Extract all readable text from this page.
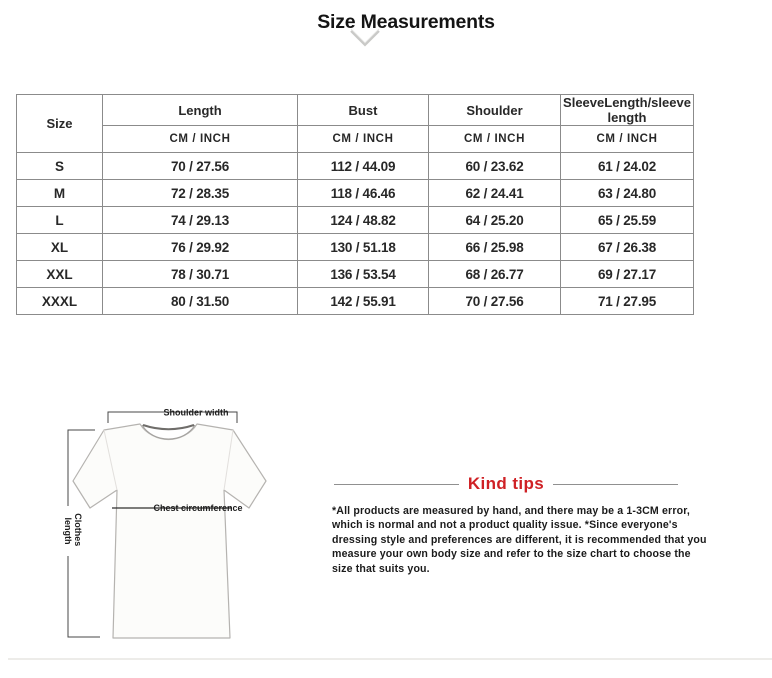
Size Measurements
Size	Length	Bust	Shoulder	SleeveLength/sleeve length
	CM / INCH	CM / INCH	CM / INCH	CM / INCH
S	70 / 27.56	112 / 44.09	60 / 23.62	61 / 24.02
M	72 / 28.35	118 / 46.46	62 / 24.41	63 / 24.80
L	74 / 29.13	124 / 48.82	64 / 25.20	65 / 25.59
XL	76 / 29.92	130 / 51.18	66 / 25.98	67 / 26.38
XXL	78 / 30.71	136 / 53.54	68 / 26.77	69 / 27.17
XXXL	80 / 31.50	142 / 55.91	70 / 27.56	71 / 27.95
Shoulder width
Chest circumference
Clothes length
Kind tips

*All products are measured by hand, and there may be a 1-3CM error, which is normal and not a product quality issue. *Since everyone's dressing style and preferences are different, it is recommended that you measure your own body size and refer to the size chart to choose the size that suits you.
